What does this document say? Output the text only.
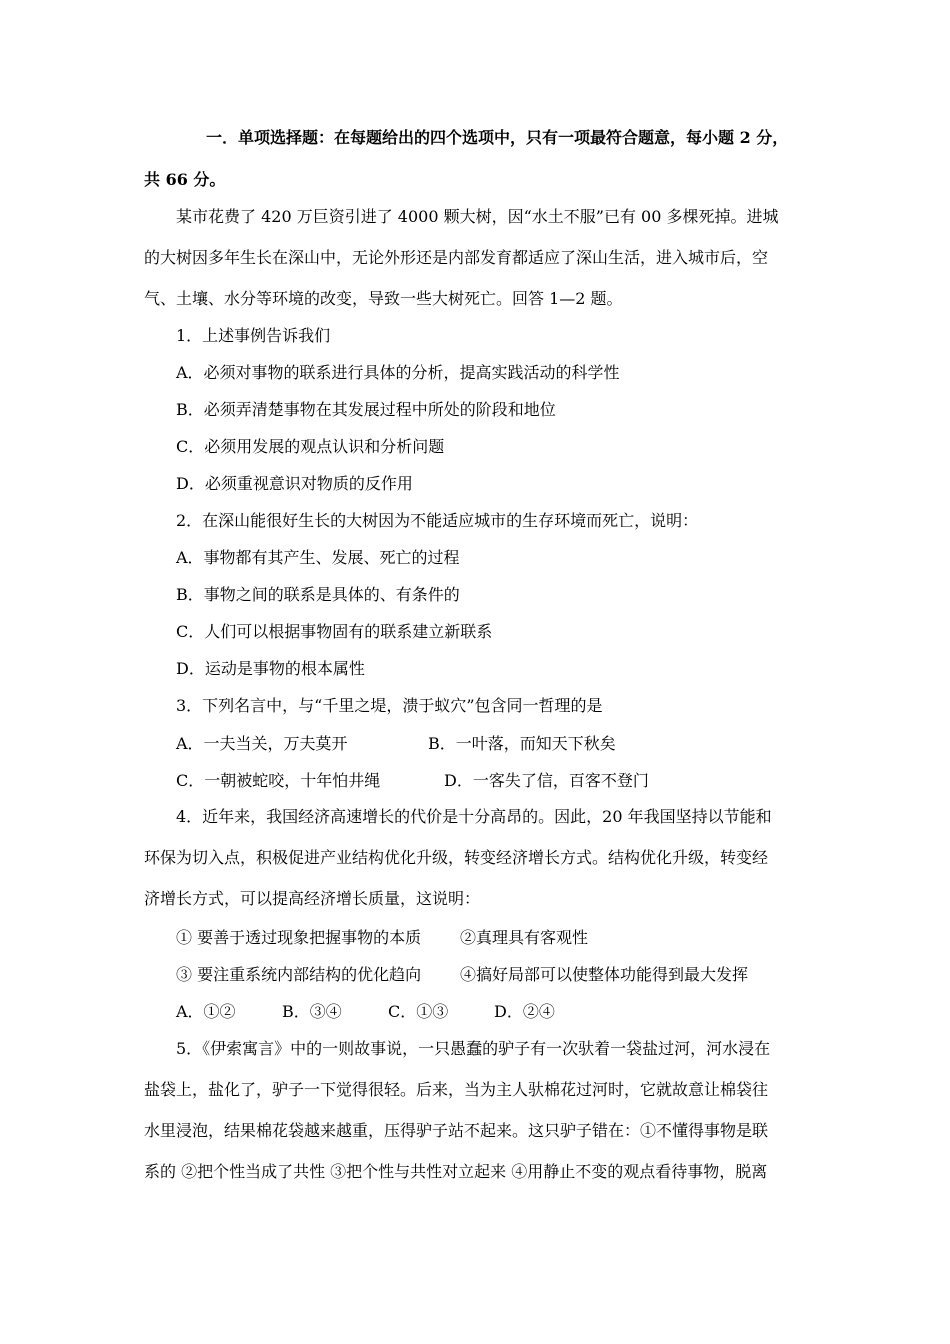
一．单项选择题：在每题给出的四个选项中，只有一项最符合题意，每小题 2 分，
共 66 分。
某市花费了 420 万巨资引进了 4000 颗大树，因“水土不服”已有 00 多棵死掉。进城
的大树因多年生长在深山中，无论外形还是内部发育都适应了深山生活，进入城市后，空
气、土壤、水分等环境的改变，导致一些大树死亡。回答 1—2 题。
1．上述事例告诉我们
A．必须对事物的联系进行具体的分析，提高实践活动的科学性
B．必须弄清楚事物在其发展过程中所处的阶段和地位
C．必须用发展的观点认识和分析问题
D．必须重视意识对物质的反作用
2．在深山能很好生长的大树因为不能适应城市的生存环境而死亡，说明：
A．事物都有其产生、发展、死亡的过程
B．事物之间的联系是具体的、有条件的
C．人们可以根据事物固有的联系建立新联系
D．运动是事物的根本属性
3．下列名言中，与“千里之堤，溃于蚁穴”包含同一哲理的是
A．一夫当关，万夫莫开	B．一叶落，而知天下秋矣
C．一朝被蛇咬，十年怕井绳	D．一客失了信，百客不登门
4．近年来，我国经济高速增长的代价是十分高昂的。因此，20 年我国坚持以节能和
环保为切入点，积极促进产业结构优化升级，转变经济增长方式。结构优化升级，转变经
济增长方式，可以提高经济增长质量，这说明：
① 要善于透过现象把握事物的本质 ②真理具有客观性
③ 要注重系统内部结构的优化趋向 ④搞好局部可以使整体功能得到最大发挥
A．①②	B．③④	C．①③	D．②④
5．《伊索寓言》中的一则故事说，一只愚蠢的驴子有一次驮着一袋盐过河，河水浸在
盐袋上，盐化了，驴子一下觉得很轻。后来，当为主人驮棉花过河时，它就故意让棉袋往
水里浸泡，结果棉花袋越来越重，压得驴子站不起来。这只驴子错在：①不懂得事物是联
系的 ②把个性当成了共性 ③把个性与共性对立起来 ④用静止不变的观点看待事物，脱离
